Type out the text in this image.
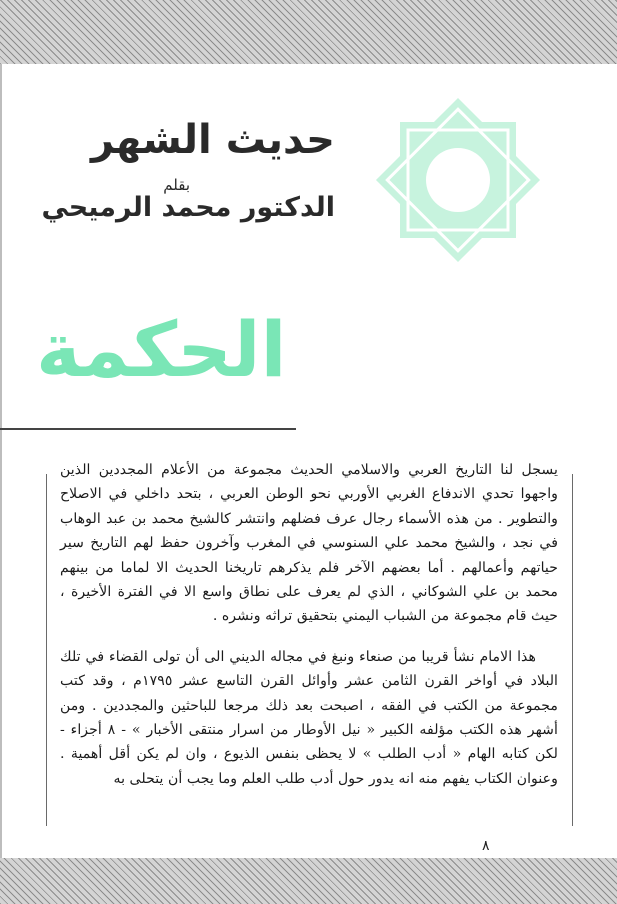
حديث الشهر
بقلم
الدكتور محمد الرميحي
الحكمة

يسجل لنا التاريخ العربي والاسلامي الحديث مجموعة من الأعلام المجددين الذين واجهوا تحدي الاندفاع الغربي الأوربي نحو الوطن العربي ، بتحد داخلي في الاصلاح والتطوير . من هذه الأسماء رجال عرف فضلهم وانتشر كالشيخ محمد بن عبد الوهاب في نجد ، والشيخ محمد علي السنوسي في المغرب وآخرون حفظ لهم التاريخ سير حياتهم وأعمالهم . أما بعضهم الآخر فلم يذكرهم تاريخنا الحديث الا لماما من بينهم محمد بن علي الشوكاني ، الذي لم يعرف على نطاق واسع الا في الفترة الأخيرة ، حيث قام مجموعة من الشباب اليمني بتحقيق تراثه ونشره .

هذا الامام نشأ قريبا من صنعاء ونبغ في مجاله الديني الى أن تولى القضاء في تلك البلاد في أواخر القرن الثامن عشر وأوائل القرن التاسع عشر ١٧٩٥م ، وقد كتب مجموعة من الكتب في الفقه ، اصبحت بعد ذلك مرجعا للباحثين والمجددين . ومن أشهر هذه الكتب مؤلفه الكبير « نيل الأوطار من اسرار منتقى الأخبار » - ٨ أجزاء - لكن كتابه الهام « أدب الطلب » لا يحظى بنفس الذيوع ، وان لم يكن أقل أهمية . وعنوان الكتاب يفهم منه انه يدور حول أدب طلب العلم وما يجب أن يتحلى به

٨
